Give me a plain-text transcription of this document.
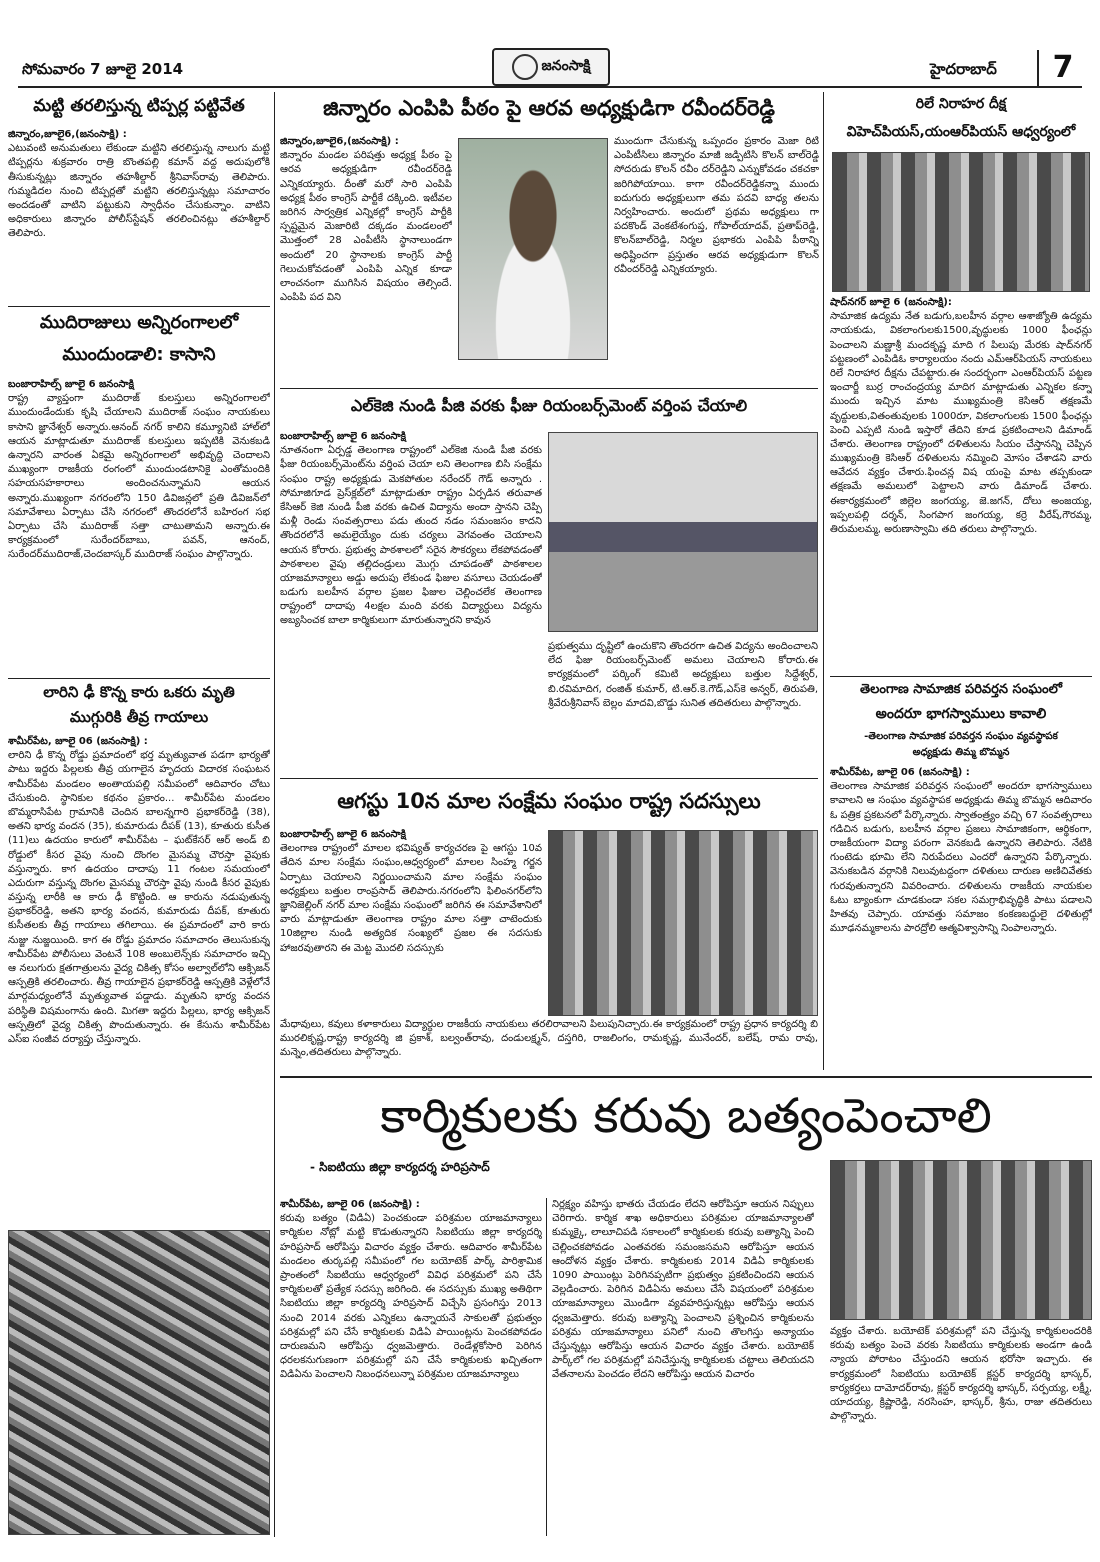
సోమవారం 7 జూలై 2014	జనంసాక్షి	హైదరాబాద్ 7
మట్టి తరలిస్తున్న టిప్పర్ల పట్టివేత
జిన్నారం,జూలై6,(జనంసాక్షి) :
ఎటువంటి అనుమతులు లేకుండా మట్టిని తరలిస్తున్న నాలుగు మట్టి టిప్పర్లను శుక్రవారం రాత్రి బొంతపల్లి కమాన్ వద్ద అదుపులోకి తీసుకున్నట్లు జిన్నారం తహశీల్దార్ శ్రీనివాస్‌రావు తెలిపారు. గుమ్మడిదల నుంచి టిప్పర్లతో మట్టిని తరలిస్తున్నట్లు సమాచారం అందడంతో వాటిని పట్టుకుని స్వాధీనం చేసుకున్నాం. వాటిని అధికారులు జిన్నారం పోలీస్‌స్టేషన్ తరలించినట్లు తహశీల్దార్ తెలిపారు.
ముదిరాజులు అన్నిరంగాలలో
ముందుండాలి: కాసాని
బంజారాహిల్స్ జూలై 6 జనంసాక్షి
రాష్ట్ర వ్యాప్తంగా ముదిరాజ్ కులస్తులు అన్నిరంగాలలో ముందుండేందుకు కృషి చేయాలని ముదిరాజ్ సంఘం నాయకులు కాసాని జ్ఞానేశ్వర్ అన్నారు.ఆనంద్ నగర్ కాలిని కమ్యూనిటి హాల్‌లో ఆయన మాట్లాడుతూ ముదిరాజ్ కులస్తులు ఇప్పటికి వెనుకబడి ఉన్నారని వారంత ఏకమై అన్నిరంగాలలో అభివృద్ది చెందాలని ముఖ్యంగా రాజకీయ రంగంలో ముందుండటానికై ఎంతోమందికి సహయసహకారాలు అందించనున్నామని ఆయన అన్నారు.ముఖ్యంగా నగరంలోని 150 డివిజన్లలో ప్రతి డివిజన్‌లో సమావేశాలు ఏర్పాటు చేసి నగరంలో తొందరలోనే బహిరంగ సభ ఏర్పాటు చేసి ముదిరాజ్ సత్తా చాటుతామని అన్నారు.ఈ కార్యక్రమంలో సురేందర్‌బాబు, పవన్, ఆనంద్, సురేందర్‌ముదిరాజ్,చెందబాస్కర్ ముదిరాజ్ సంఘం పాల్గొన్నారు.
లారిని ఢీ కొన్న కారు ఒకరు మృతి
ముగ్గురికి తీవ్ర గాయాలు
శామీర్‌పేట, జూలై 06 (జనంసాక్షి) :
లారిని ఢీ కొన్న రోడ్డు ప్రమాదంలో భర్త మృత్యువాత పడగా భార్యతో పాటు ఇద్దరు పిల్లలకు తీవ్ర యగాలైన హృదయ విదారక సంఘటన శామీర్‌పేట మండలం అంతాయపల్లి సమీపంలో ఆదివారం చోటు చేసుకుంది. స్థానికుల కథనం ప్రకారం... శామీర్‌పేట మండలం బొమ్మరాసిపేట గ్రామానికి చెందిన బాలన్నగారి ప్రభాకర్‌రెడ్డి (38), అతని భార్య వందన (35), కుమారుడు దీపక్ (13), కూతురు కుసీత (11)లు ఉదయం కారులో శామీర్‌పేట – ఘట్‌కేసర్ ఆర్ అండ్ బి రోడ్డులో కీసర వైపు నుంచి దొంగల మైసమ్మ చౌరస్తా వైపుకు వస్తున్నారు. కాగ ఉదయం దాదాపు 11 గంటల సమయంలో ఎదురుగా వస్తున్న దొంగల మైసమ్మ చౌరస్తా వైపు నుండి కీసర వైపుకు వస్తున్న లారీకి ఆ కారు ఢీ కొట్టింది. ఆ కారును నడుపుతున్న ప్రభాకర్‌రెడ్డి, అతని భార్య వందన, కుమారుడు దీపక్, కూతురు కుసీతలకు తీవ్ర గాయాలు తగిలాయి. ఈ ప్రమాదంలో వారి కారు నుజ్జు నుజ్జయింది. కాగ ఈ రోడ్డు ప్రమాదం సమాచారం తెలుసుకున్న శామీర్‌పేట పోలీసులు వెంటనే 108 అంబులెన్స్‌కు సమాచారం ఇచ్చి ఆ నలుగురు క్షతగాత్రులను వైద్య చికిత్స కోసం అల్వాల్‌లోని ఆక్సిజన్ ఆస్పత్రికి తరలించారు. తీవ్ర గాయాలైన ప్రభాకర్‌రెడ్డి ఆస్పత్రికి వెళ్లేలోనే మార్గమధ్యంలోనే మృత్యువాత పడ్డాడు. మృతుని భార్య వందన పరిస్థితి విషమంగాను ఉంది. మిగతా ఇద్దరు పిల్లలు, భార్య ఆక్సిజన్ ఆస్పత్రిలో వైద్య చికిత్స పొందుతున్నారు. ఈ కేసును శామీర్‌పేట ఎస్ఐ సంజీవ దర్యాప్తు చేస్తున్నారు.
జిన్నారం ఎంపిపి పీఠం పై ఆరవ అధ్యక్షుడిగా రవీందర్‌రెడ్డి
జిన్నారం,జూలై6,(జనంసాక్షి) :
జిన్నారం మండల పరిషత్తు అధ్యక్ష పీఠం పై ఆరవ అధ్యక్షుడిగా రవీందర్‌రెడ్డి ఎన్నికయ్యారు. దీంతో మరో సారి ఎంపిపి అధ్యక్ష పీఠం కాంగ్రెస్ పార్టీకే దక్కింది. ఇటీవల జరిగిన సార్వత్రిక ఎన్నికల్లో కాంగ్రెస్ పార్టీకి స్పష్టమైన మెజారిటి దక్కడం మండలంలో మొత్తంలో 28 ఎంపీటీసి స్థానాలుండగా అందులో 20 స్థానాలకు కాంగ్రెస్ పార్టీ గెలుచుకోవడంతో ఎంపిపి ఎన్నిక కూడా లాంచనంగా ముగిసిన విషయం తెల్సిందే. ఎంపిపి పద విని
ముందుగా చేసుకున్న ఒప్పందం ప్రకారం మెజా రిటి ఎంపిటీసిలు జిన్నారం మాజీ జడ్పిటిసి కొలన్ బాల్‌రెడ్డి సోదరుడు కొలన్ రవీం దర్‌రెడ్డిని ఎన్నుకోవడం చకచకా జరిగిపోయాయి. కాగా రవీందర్‌రెడ్డికన్నా ముందు ఐదుగురు అధ్యక్షులుగా తమ పదవి బాధ్య తలను నిర్వహించారు. అందులో ప్రథమ అధ్యక్షులు గా పదకొండ్ వెంకటేశంగుప్త, గోపాల్‌యాదవ్, ప్రతాప్‌రెడ్డి, కొలన్‌బాల్‌రెడ్డి, నిర్మల ప్రభాకరు ఎంపిపి పీఠాన్ని అధిష్టించగా ప్రస్తుతం ఆరవ అధ్యక్షుడుగా కొలన్ రవీందర్‌రెడ్డి ఎన్నికయ్యారు.
ఎల్‌కెజి నుండి పీజి వరకు ఫీజు రియంబర్స్‌మెంట్ వర్తింప చేయాలి
బంజారాహిల్స్ జూలై 6 జనంసాక్షి
నూతనంగా ఏర్పడ్డ తెలంగాణ రాష్ట్రంలో ఎల్‌కెజి నుండి పీజి వరకు ఫీజు రియంబర్స్‌మెంట్‌ను వర్తింప చెయా లని తెలంగాణ బిసి సంక్షేమ సంఘం రాష్ట్ర అధ్యక్షుడు మెకపోతుల నరేందర్ గౌడ్ అన్నారు . సోమాజిగూడ ప్రెస్‌క్లబ్‌లో మాట్లాడుతూ రాష్ట్రం ఏర్పడిన తరువాత కేసిఆర్ కెజి నుండి పీజి వరకు ఉచిత విద్యాను అందా స్తానని చెప్పి మళ్లీ రెండు సంవత్సరాలు పడు తుంద నడం సమంజసం కాదని తొందరలోనే అమలైయ్యేం దుకు చర్యలు వెగవంతం చెయాలని ఆయన కోరారు. ప్రభుత్వ పాఠశాలలో సరైన సౌకర్యలు లేకపోవడంతో పాఠశాలల వైపు తల్లిదండ్రులు మొగ్గు చూపడంతో పాఠశాలల యాజమాన్యాలు అడ్డు అదుపు లేకుండ ఫిజుల వసూలు చెయడంతో బడుగు బలహీన వర్గాల ప్రజల ఫిజుల చెల్లించలేక తెలంగాణ రాష్ట్రంలో దాదాపు 4లక్షల మంది వరకు విద్యార్ధులు విద్యను అబ్యసించక బాలా కార్మికులుగా మారుతున్నారని కావున
ప్రభుత్వము దృష్టిలో ఉంచుకొని తొందరగా ఉచిత విద్యను అందించాలని లేద ఫిజు రియంబర్స్‌మెంట్ అమలు చెయాలని కోరారు.ఈ కార్యక్రమంలో పర్కింగ్ కమిటి అద్యక్షులు బత్తుల సిద్దేశ్వర్, బి.రవిమాదిగ, రంజిత్ కుమార్, టి.ఆర్.కె.గౌడ్,ఎస్‌కె అన్వర్, తిరుపతి, శ్రీవేరుశ్రీనివాస్ బెల్లం మాదవి,బొడ్డు సునిత తదితరులు పాల్గొన్నారు.
ఆగస్టు 10న మాల సంక్షేమ సంఘం రాష్ట్ర సదస్సులు
బంజారాహిల్స్ జూలై 6 జనంసాక్షి
తెలంగాణ రాష్ట్రంలో మాలల భవిష్యత్ కార్యచరణ పై ఆగస్టు 10వ తేదిన మాల సంక్షేమ సంఘం,ఆధ్వర్యంలో మాలల సింహ్మ గర్జన ఏర్పాటు చెయాలని నిర్ణయించామని మాల సంక్షేమ సంఘం అధ్యక్షులు బత్తుల రాంప్రసాద్ తెలిపారు.నగరంలోని ఫిలింనగర్‌లోని జ్ఞానిజెల్లింగ్ నగర్ మాల సంక్షేమ సంఘంలో జరిగిన ఈ సమావేశానిలో వారు మాట్లాడుతూ తెలంగాణ రాష్ట్రం మాల సత్తా చాటెందుకు 10జిల్లాల నుండి అత్యదిక సంఖ్యలో ప్రజల ఈ సదసుకు హాజరవుతారని ఈ మెట్ట మొదలి సదస్సుకు
మేధావులు, కవులు కళాకారులు విద్యార్ధుల రాజకీయ నాయకులు తరలిరావాలని పిలుపునిచ్చారు.ఈ కార్యక్రమంలో రాష్ట్ర ప్రధాన కార్యదర్శి బి మురలికృష్ణ,రాష్ట్ర కార్యదర్శి జి ప్రకాశ్, బల్వంత్‌రావు, దండులక్ష్మన్, దస్తగిరి, రాజలింగం, రామకృష్ణ, మునేందర్, బలేష్, రామ రావు, మన్నెం,తదితరులు పాల్గొన్నారు.
రిలే నిరాహర దీక్ష
విహెచ్‌పియస్,యంఆర్‌పియస్ ఆధ్వర్యంలో
షాద్‌నగర్ జూలై 6 (జనంసాక్షి):
సామాజిక ఉద్యమ నేత బడుగు,బలహీన వర్గాల ఆశాజ్యోతి ఉద్యమ నాయకుడు, వికలాంగులకు1500,వృద్ధులకు 1000 ఫీంఛన్లు పెంచాలని మణ్ణాశ్రీ మందకృష్ణ మాది గ పిలుపు మేరకు షాద్‌నగర్ పట్టణంలో ఎంపిడిఓ కార్యాలయం నందు ఎమ్ఆర్‌పియస్ నాయకులు రిలే నిరాహార దీక్షను చేపట్టారు.ఈ సందర్భంగా ఎంఆర్‌పియస్ పట్టణ ఇంచార్జీ బుర్ర రాంచంద్రయ్య మాదిగ మాట్లాడుతు ఎన్నికల కన్నా ముందు ఇచ్చిన మాట ముఖ్యమంత్రి కెసిఆర్ తక్షణమే వృద్దులకు,వితంతువులకు 1000రూ, వికలాంగులకు 1500 ఫీంఛన్లు పెంచి ఎప్పటి నుండి ఇస్తారో తేదిని కూడ ప్రకటించాలని డిమాండ్ చేశారు. తెలంగాణ రాష్ట్రంలో దళితులను సియం చేస్తానన్ని చెప్పిన ముఖ్యమంత్రి కెసిఆర్ దళితులను నమ్మించి మోసం చేశాడని వారు ఆవేదన వ్యక్తం చేశారు.ఫించన్ల విష యంపై మాట తప్పకుండా తక్షణమే అమలులో పెట్టాలని వారు డిమాండ్ చేశారు. ఈకార్యక్రమంలో జిల్లెల జంగయ్య, జె.జగన్, దోలు అంజయ్య, ఇప్పలపల్లి దర్శన్, సింగపాగ జంగయ్య, కర్రె వీరేష్,గౌరమ్మ, తిరుమలమ్మ, అరుణాస్వామి తది తరులు పాల్గొన్నారు.
తెలంగాణ సామాజిక పరివర్తన సంఘంలో
అందరూ భాగస్వాములు కావాలి
-తెలంగాణ సామాజిక పరివర్తన సంఘం వ్యవస్థాపక
అధ్యక్షుడు తిమ్మ బొమ్మన
శామీర్‌పేట, జూలై 06 (జనంసాక్షి) :
తెలంగాణ సామాజిక పరివర్తన సంఘంలో అందరూ భాగస్వాములు కావాలని ఆ సంఘం వ్యవస్థాపక అధ్యక్షుడు తిమ్మ బొమ్మన ఆదివారం ఓ పత్రిక ప్రకటనలో పేర్కొన్నారు. స్వాతంత్ర్యం వచ్చి 67 సంవత్సరాలు గడిచిన బడుగు, బలహీన వర్గాల ప్రజలు సామాజికంగా, ఆర్థికంగా, రాజకీయంగా విద్యా పరంగా వెనకబడి ఉన్నారని తెలిపారు. నేటికి గుంటెడు భూమి లేని నిరుపేదలు ఎందరో ఉన్నారని పేర్కొన్నారు. వెనుకబడిన వర్గానికి నిలువుటద్దంగా దళితులు దారుణ అణిచివేతకు గురవుతున్నారని వివరించారు. దళితులను రాజకీయ నాయకుల ఓటు బ్యాంకుగా చూడకుండా సకల సమగ్రాభివృద్ధికి పాటు పడాలని హితవు చెప్పారు. యావత్తు సమాజం కంకణబద్ధులై దళితుల్లో మూఢనమ్మకాలను పారద్రోలి ఆత్మవిశ్వాసాన్ని నింపాలన్నారు.
కార్మికులకు కరువు బత్యంపెంచాలి
- సిఐటియు జిల్లా కార్యదర్శ హరిప్రసాద్
శామీర్‌పేట, జూలై 06 (జనంసాక్షి) :
కరువు బత్యం (విడిఏ) పెంచకుండా పరిశ్రమల యాజమాన్యాలు కార్మికుల నోట్లో మట్టి కొడుతున్నారని సిఐటియు జిల్లా కార్యదర్శి హరిప్రసాద్ ఆరోపిస్తు విచారం వ్యక్తం చేశారు. ఆదివారం శామీర్‌పేట మండలం తుర్కపల్లి సమీపంలో గల బయోటెక్ పార్క్ పారిశ్రామిక ప్రాంతంలో సిఐటియు ఆధ్వర్యంలో వివిధ పరిశ్రమలో పని చేసే కార్మికులతో ప్రత్యేక సదస్సు జరిగింది. ఈ సదస్సుకు ముఖ్య అతిథిగా సిఐటియు జిల్లా కార్యదర్శి హరిప్రసాద్ విచ్చేసి ప్రసంగిస్తు 2013 నుంచి 2014 వరకు ఎన్నికలు ఉన్నాయనే సాకులతో ప్రభుత్వం పరిశ్రమల్లో పని చేసే కార్మికులకు విడిఏ పాయింట్లను పెంచకపోవడం దారుణమని ఆరోపిస్తు ధ్వజమెత్తారు. రెండేళ్లకోసారి పెరిగిన ధరలకనుగుణంగా పరిశ్రమల్లో పని చేసే కార్మికులకు ఖచ్చితంగా విడిఏను పెంచాలని నిబంధనలున్నా పరిశ్రమల యాజమాన్యాలు
నిర్లక్ష్యం వహిస్తు భాతరు చేయడం లేదని ఆరోపిస్తూ ఆయన నిప్పులు చెరిగారు. కార్మిక శాఖ అధికారులు పరిశ్రమల యాజమాన్యాలతో కుమ్మక్కై, లాలూచిపడి సకాలంలో కార్మికులకు కరువు బత్యాన్ని పెంచి చెల్లించకపోవడం ఎంతవరకు సమంజసమని ఆరోపిస్తూ ఆయన ఆందోళన వ్యక్తం చేశారు. కార్మికులకు 2014 విడిఏ కార్మికులకు 1090 పాయింట్లు పెరిగినప్పటిగా ప్రభుత్వం ప్రకటించిందని ఆయన వెల్లడించారు. పెరిగిన విడిఏను అమలు చేసే విషయంలో పరిశ్రమల యాజమాన్యాలు మొండిగా వ్యవహరిస్తున్నట్లు ఆరోపిస్తు ఆయన ధ్వజమెత్తారు. కరువు బత్యాన్ని పెంచాలని ప్రశ్నించిన కార్మికులను పరిశ్రమ యాజమాన్యాలు పనిలో నుంచి తొలగిస్తు అన్యాయం చేస్తున్నట్లు ఆరోపిస్తు ఆయన విచారం వ్యక్తం చేశారు. బయోటెక్ పార్క్‌లో గల పరిశ్రమల్లో పనిచేస్తున్న కార్మికులకు చట్టాలు తెలియదని వేతనాలను పెంచడం లేదని ఆరోపిస్తు ఆయన విచారం
వ్యక్తం చేశారు. బయోటెక్ పరిశ్రమల్లో పని చేస్తున్న కార్మికులందరికి కరువు బత్యం పెంచె వరకు సిఐటియు కార్మికులకు అండగా ఉండి న్యాయ పోరాటం చేస్తుందని ఆయన భరోసా ఇచ్చారు. ఈ కార్యక్రమంలో సిఐటియు బయోటెక్ క్లస్టర్ కార్యదర్శి భాస్కర్, కార్యకర్తలు దామోదర్‌రావు, క్లస్టర్ కార్యదర్శి భాస్కర్, సర్పయ్య, లక్ష్మీ, యాదయ్య, క్రిష్ణారెడ్డి, నరసింహ, భాస్కర్, శ్రీను, రాజు తదితరులు పాల్గొన్నారు.
